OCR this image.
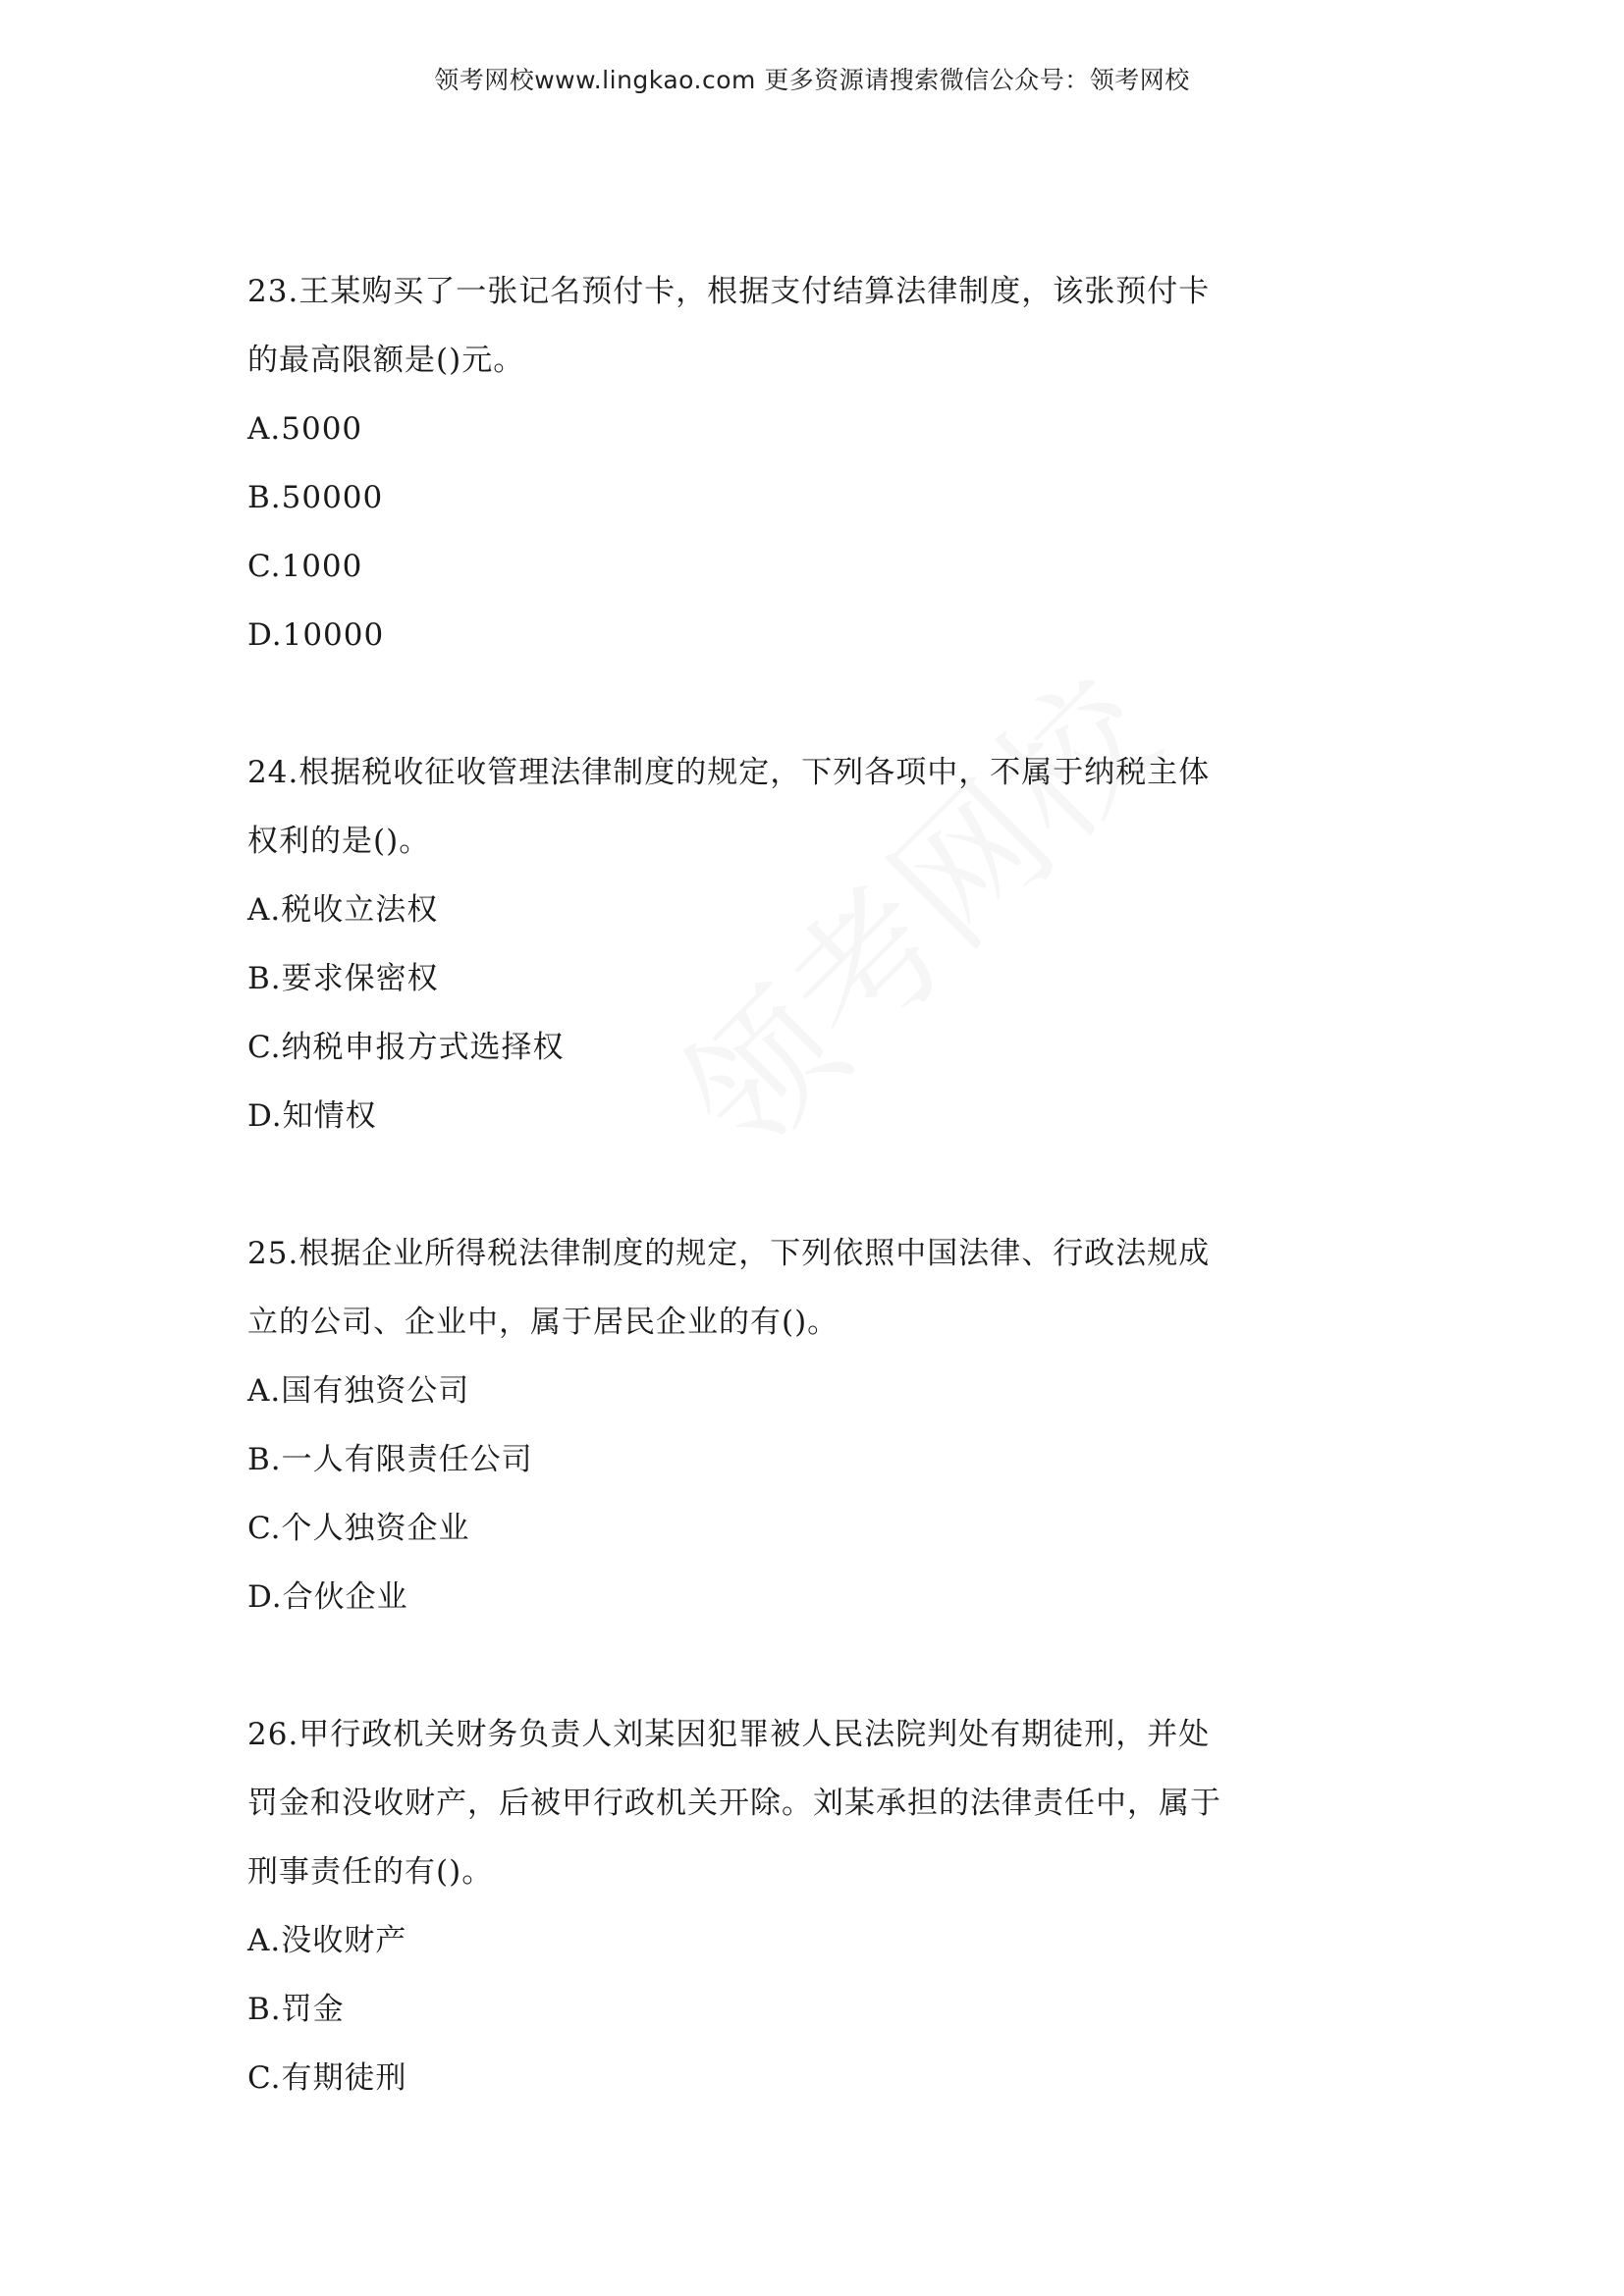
领考网校www.lingkao.com 更多资源请搜索微信公众号：领考网校

23.王某购买了一张记名预付卡，根据支付结算法律制度，该张预付卡

的最高限额是()元。

A.5000

B.50000

C.1000

D.10000

24.根据税收征收管理法律制度的规定，下列各项中，不属于纳税主体

权利的是()。

A.税收立法权

B.要求保密权

C.纳税申报方式选择权

D.知情权

25.根据企业所得税法律制度的规定，下列依照中国法律、行政法规成

立的公司、企业中，属于居民企业的有()。

A.国有独资公司

B.一人有限责任公司

C.个人独资企业

D.合伙企业

26.甲行政机关财务负责人刘某因犯罪被人民法院判处有期徒刑，并处

罚金和没收财产，后被甲行政机关开除。刘某承担的法律责任中，属于

刑事责任的有()。

A.没收财产

B.罚金

C.有期徒刑
